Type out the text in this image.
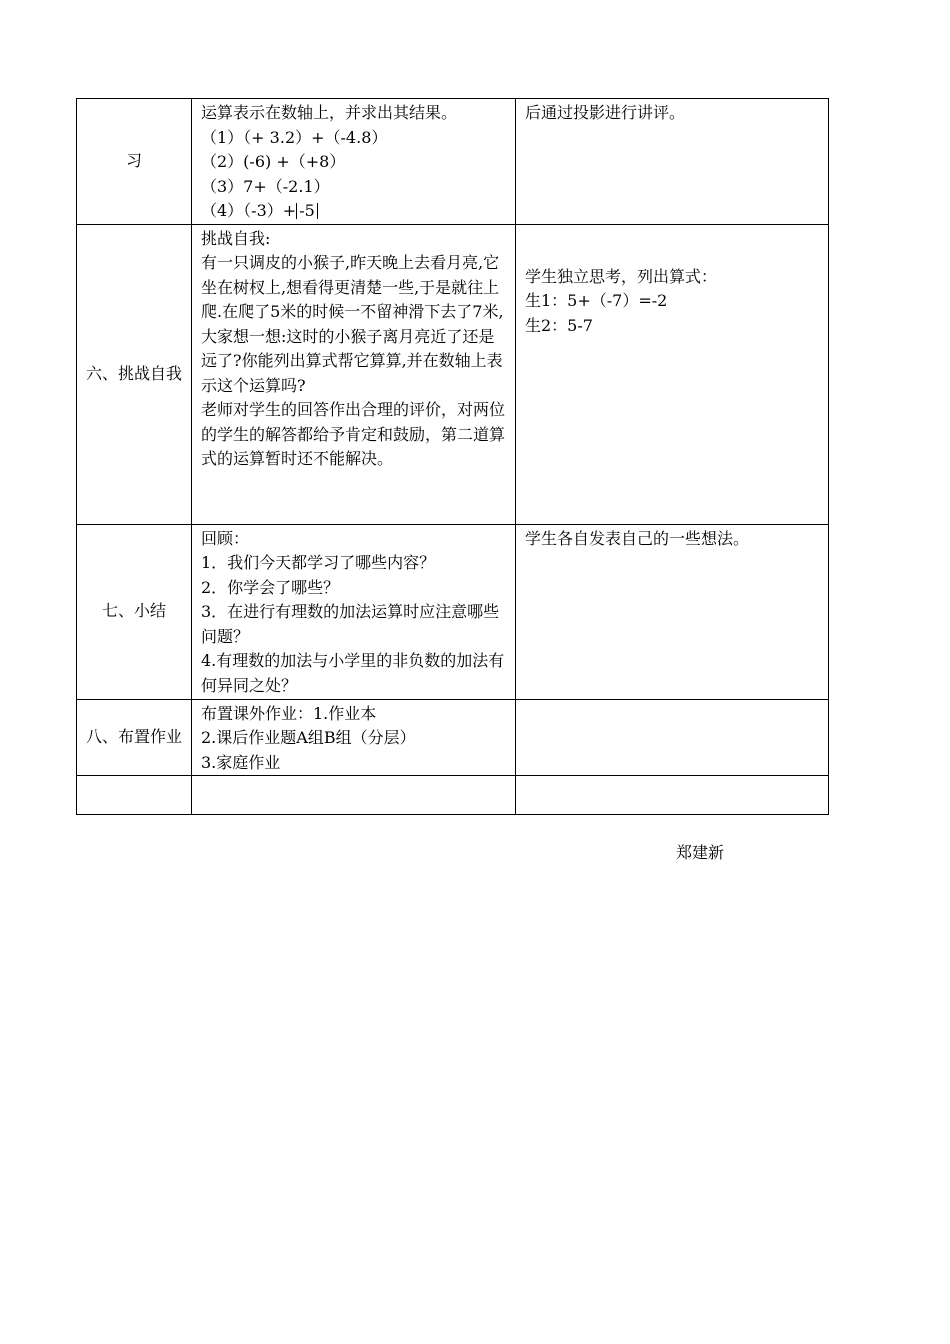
习	运算表示在数轴上，并求出其结果。
（1）（+ 3.2）+（-4.8）
（2）(-6) +（+8）
（3）7+（-2.1）
（4）（-3）+ -5	后通过投影进行讲评。

六、挑战自我	挑战自我:
有一只调皮的小猴子,昨天晚上去看月亮,它坐在树杈上,想看得更清楚一些,于是就往上爬.在爬了5米的时候一不留神滑下去了7米,大家想一想:这时的小猴子离月亮近了还是远了?你能列出算式帮它算算,并在数轴上表示这个运算吗?
老师对学生的回答作出合理的评价，对两位的学生的解答都给予肯定和鼓励，第二道算式的运算暂时还不能解决。	学生独立思考，列出算式：
生1：5+（-7）=-2
生2：5-7

七、小结	回顾：
1．我们今天都学习了哪些内容？
2．你学会了哪些？
3．在进行有理数的加法运算时应注意哪些问题？
4.有理数的加法与小学里的非负数的加法有何异同之处？	学生各自发表自己的一些想法。

八、布置作业	布置课外作业：1.作业本
2.课后作业题A组B组（分层）
3.家庭作业	

郑建新
